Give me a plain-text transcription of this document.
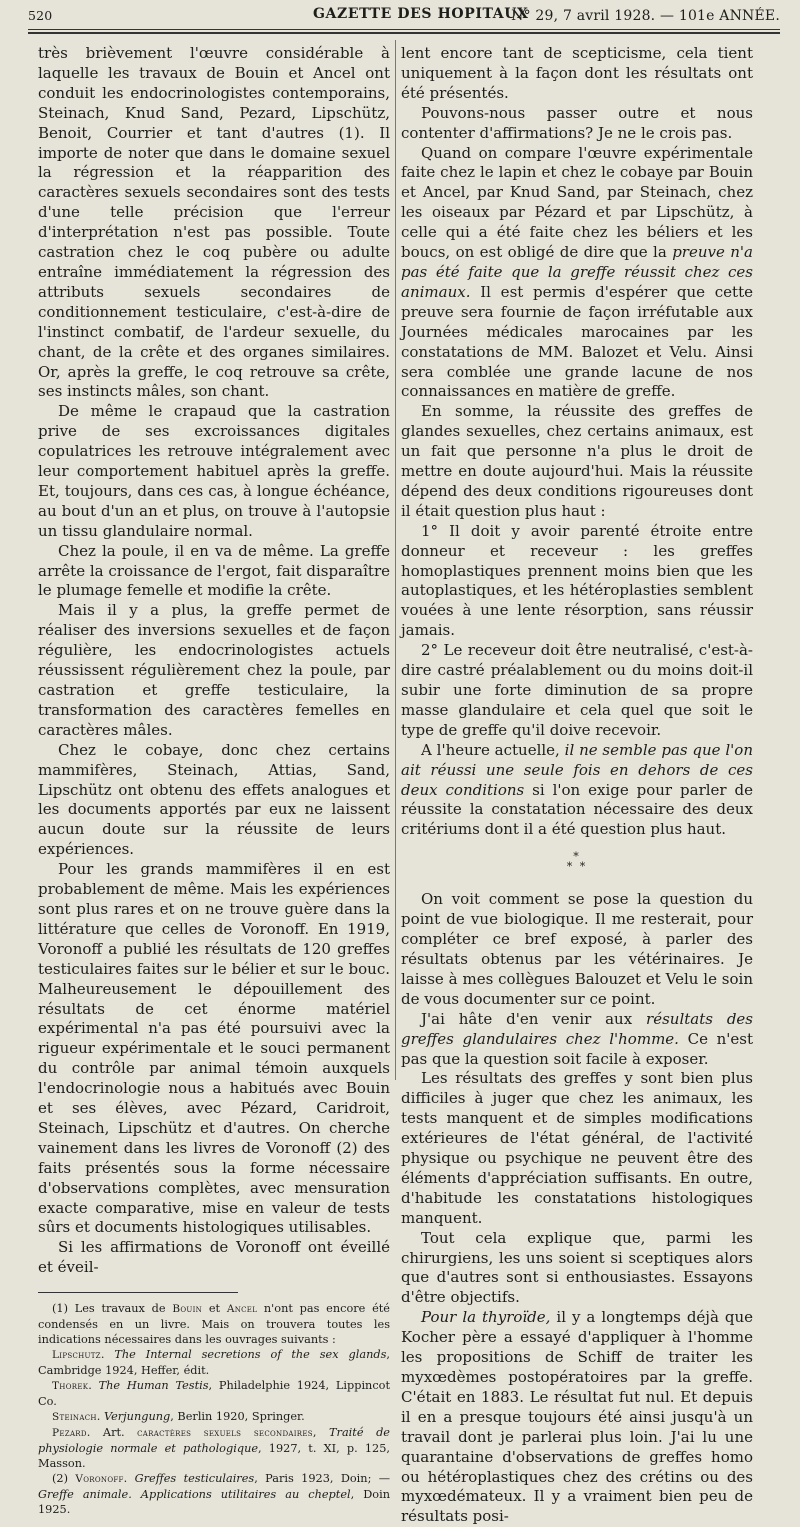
520	GAZETTE DES HOPITAUX
N° 29, 7 avril 1928. — 101e ANNÉE.

très brièvement l'œuvre considérable à laquelle les travaux de Bouin et Ancel ont conduit les endocrinologistes contemporains, Steinach, Knud Sand, Pezard, Lipschütz, Benoit, Courrier et tant d'autres (1). Il importe de noter que dans le domaine sexuel la régression et la réapparition des caractères sexuels secondaires sont des tests d'une telle précision que l'erreur d'interprétation n'est pas possible. Toute castration chez le coq pubère ou adulte entraîne immédiatement la régression des attributs sexuels secondaires de conditionnement testiculaire, c'est-à-dire de l'instinct combatif, de l'ardeur sexuelle, du chant, de la crête et des organes similaires. Or, après la greffe, le coq retrouve sa crête, ses instincts mâles, son chant.

De même le crapaud que la castration prive de ses excroissances digitales copulatrices les retrouve intégralement avec leur comportement habituel après la greffe. Et, toujours, dans ces cas, à longue échéance, au bout d'un an et plus, on trouve à l'autopsie un tissu glandulaire normal.

Chez la poule, il en va de même. La greffe arrête la croissance de l'ergot, fait disparaître le plumage femelle et modifie la crête.

Mais il y a plus, la greffe permet de réaliser des inversions sexuelles et de façon régulière, les endocrinologistes actuels réussissent régulièrement chez la poule, par castration et greffe testiculaire, la transformation des caractères femelles en caractères mâles.

Chez le cobaye, donc chez certains mammifères, Steinach, Attias, Sand, Lipschütz ont obtenu des effets analogues et les documents apportés par eux ne laissent aucun doute sur la réussite de leurs expériences.

Pour les grands mammifères il en est probablement de même. Mais les expériences sont plus rares et on ne trouve guère dans la littérature que celles de Voronoff. En 1919, Voronoff a publié les résultats de 120 greffes testiculaires faites sur le bélier et sur le bouc. Malheureusement le dépouillement des résultats de cet énorme matériel expérimental n'a pas été poursuivi avec la rigueur expérimentale et le souci permanent du contrôle par animal témoin auxquels l'endocrinologie nous a habitués avec Bouin et ses élèves, avec Pézard, Caridroit, Steinach, Lipschütz et d'autres. On cherche vainement dans les livres de Voronoff (2) des faits présentés sous la forme nécessaire d'observations complètes, avec mensuration exacte comparative, mise en valeur de tests sûrs et documents histologiques utilisables.

Si les affirmations de Voronoff ont éveillé et éveil-

(1) Les travaux de Bouin et Ancel n'ont pas encore été condensés en un livre. Mais on trouvera toutes les indications nécessaires dans les ouvrages suivants :

Lipschutz. The Internal secretions of the sex glands, Cambridge 1924, Heffer, édit.

Thorek. The Human Testis, Philadelphie 1924, Lippincot Co.

Steinach. Verjungung, Berlin 1920, Springer.

Pezard. Art. caractères sexuels secondaires, Traité de physiologie normale et pathologique, 1927, t. XI, p. 125, Masson.

(2) Voronoff. Greffes testiculaires, Paris 1923, Doin; — Greffe animale. Applications utilitaires au cheptel, Doin 1925.

lent encore tant de scepticisme, cela tient uniquement à la façon dont les résultats ont été présentés.

Pouvons-nous passer outre et nous contenter d'affirmations? Je ne le crois pas.

Quand on compare l'œuvre expérimentale faite chez le lapin et chez le cobaye par Bouin et Ancel, par Knud Sand, par Steinach, chez les oiseaux par Pézard et par Lipschütz, à celle qui a été faite chez les béliers et les boucs, on est obligé de dire que la preuve n'a pas été faite que la greffe réussit chez ces animaux. Il est permis d'espérer que cette preuve sera fournie de façon irréfutable aux Journées médicales marocaines par les constatations de MM. Balozet et Velu. Ainsi sera comblée une grande lacune de nos connaissances en matière de greffe.

En somme, la réussite des greffes de glandes sexuelles, chez certains animaux, est un fait que personne n'a plus le droit de mettre en doute aujourd'hui. Mais la réussite dépend des deux conditions rigoureuses dont il était question plus haut :

1° Il doit y avoir parenté étroite entre donneur et receveur : les greffes homoplastiques prennent moins bien que les autoplastiques, et les hétéroplasties semblent vouées à une lente résorption, sans réussir jamais.

2° Le receveur doit être neutralisé, c'est-à-dire castré préalablement ou du moins doit-il subir une forte diminution de sa propre masse glandulaire et cela quel que soit le type de greffe qu'il doive recevoir.

A l'heure actuelle, il ne semble pas que l'on ait réussi une seule fois en dehors de ces deux conditions si l'on exige pour parler de réussite la constatation nécessaire des deux critériums dont il a été question plus haut.

*
* *

On voit comment se pose la question du point de vue biologique. Il me resterait, pour compléter ce bref exposé, à parler des résultats obtenus par les vétérinaires. Je laisse à mes collègues Balouzet et Velu le soin de vous documenter sur ce point.

J'ai hâte d'en venir aux résultats des greffes glandulaires chez l'homme. Ce n'est pas que la question soit facile à exposer.

Les résultats des greffes y sont bien plus difficiles à juger que chez les animaux, les tests manquent et de simples modifications extérieures de l'état général, de l'activité physique ou psychique ne peuvent être des éléments d'appréciation suffisants. En outre, d'habitude les constatations histologiques manquent.

Tout cela explique que, parmi les chirurgiens, les uns soient si sceptiques alors que d'autres sont si enthousiastes. Essayons d'être objectifs.

Pour la thyroïde, il y a longtemps déjà que Kocher père a essayé d'appliquer à l'homme les propositions de Schiff de traiter les myxœdèmes postopératoires par la greffe. C'était en 1883. Le résultat fut nul. Et depuis il en a presque toujours été ainsi jusqu'à un travail dont je parlerai plus loin. J'ai lu une quarantaine d'observations de greffes homo ou hétéroplastiques chez des crétins ou des myxœdémateux. Il y a vraiment bien peu de résultats posi-
